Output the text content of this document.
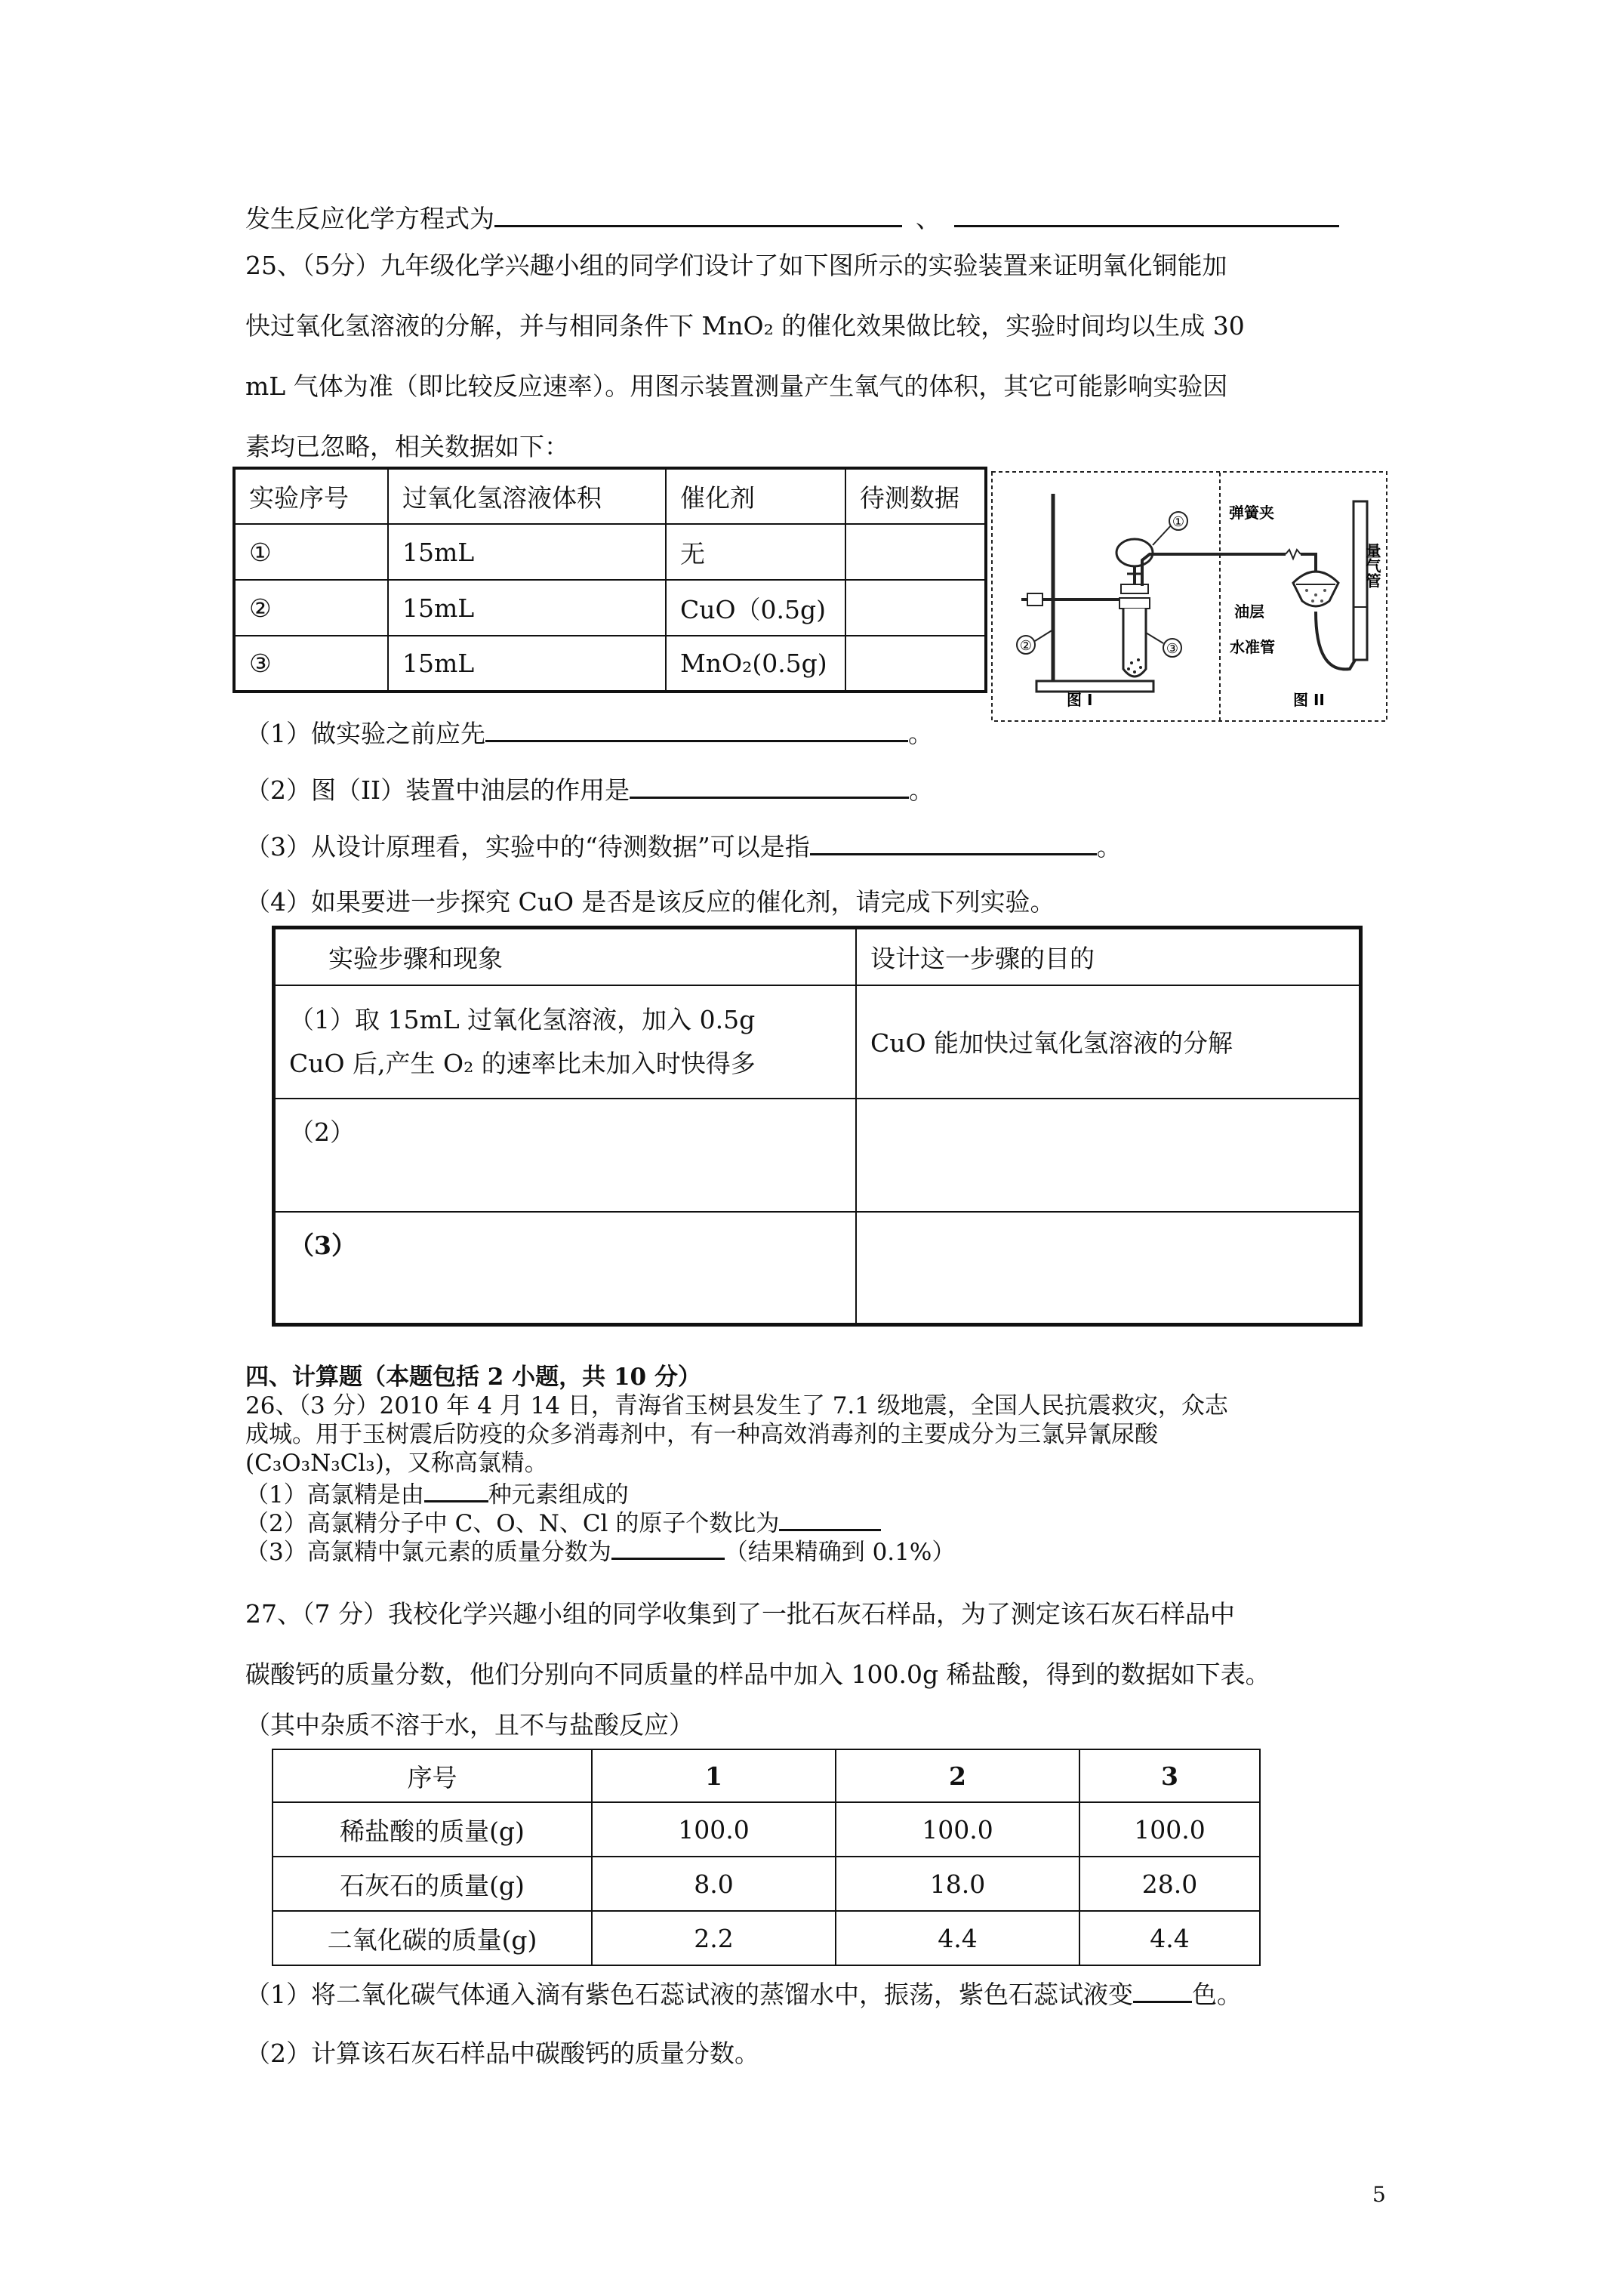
发生反应化学方程式为	、
25、（5分）九年级化学兴趣小组的同学们设计了如下图所示的实验装置来证明氧化铜能加
快过氧化氢溶液的分解，并与相同条件下 MnO₂ 的催化效果做比较，实验时间均以生成 30
mL 气体为准（即比较反应速率）。用图示装置测量产生氧气的体积，其它可能影响实验因
素均已忽略，相关数据如下：
实验序号	过氧化氢溶液体积	催化剂	待测数据
①	15mL	无	
②	15mL	CuO（0.5g)	
③	15mL	MnO₂(0.5g)	
①
②	③
图 I
弹簧夹
油层
水准管
量气管
图 II
（1）做实验之前应先	。
（2）图（II）装置中油层的作用是	。
（3）从设计原理看，实验中的“待测数据”可以是指	。
（4）如果要进一步探究 CuO 是否是该反应的催化剂，请完成下列实验。
实验步骤和现象	设计这一步骤的目的

（1）取 15mL 过氧化氢溶液，加入 0.5g
CuO 后,产生 O₂ 的速率比未加入时快得多	CuO 能加快过氧化氢溶液的分解
（2）	
（3）	
四、计算题（本题包括 2 小题，共 10 分）
26、（3 分）2010 年 4 月 14 日，青海省玉树县发生了 7.1 级地震，全国人民抗震救灾，众志
成城。用于玉树震后防疫的众多消毒剂中，有一种高效消毒剂的主要成分为三氯异氰尿酸
(C₃O₃N₃Cl₃)，又称高氯精。
（1）高氯精是由	种元素组成的
（2）高氯精分子中 C、O、N、Cl 的原子个数比为
（3）高氯精中氯元素的质量分数为	（结果精确到 0.1%）
27、（7 分）我校化学兴趣小组的同学收集到了一批石灰石样品，为了测定该石灰石样品中
碳酸钙的质量分数，他们分别向不同质量的样品中加入 100.0g 稀盐酸，得到的数据如下表。
（其中杂质不溶于水，且不与盐酸反应）
序号	1	2	3
稀盐酸的质量(g)	100.0	100.0	100.0
石灰石的质量(g)	8.0	18.0	28.0
二氧化碳的质量(g)	2.2	4.4	4.4
（1）将二氧化碳气体通入滴有紫色石蕊试液的蒸馏水中，振荡，紫色石蕊试液变 色。
（2）计算该石灰石样品中碳酸钙的质量分数。
5
